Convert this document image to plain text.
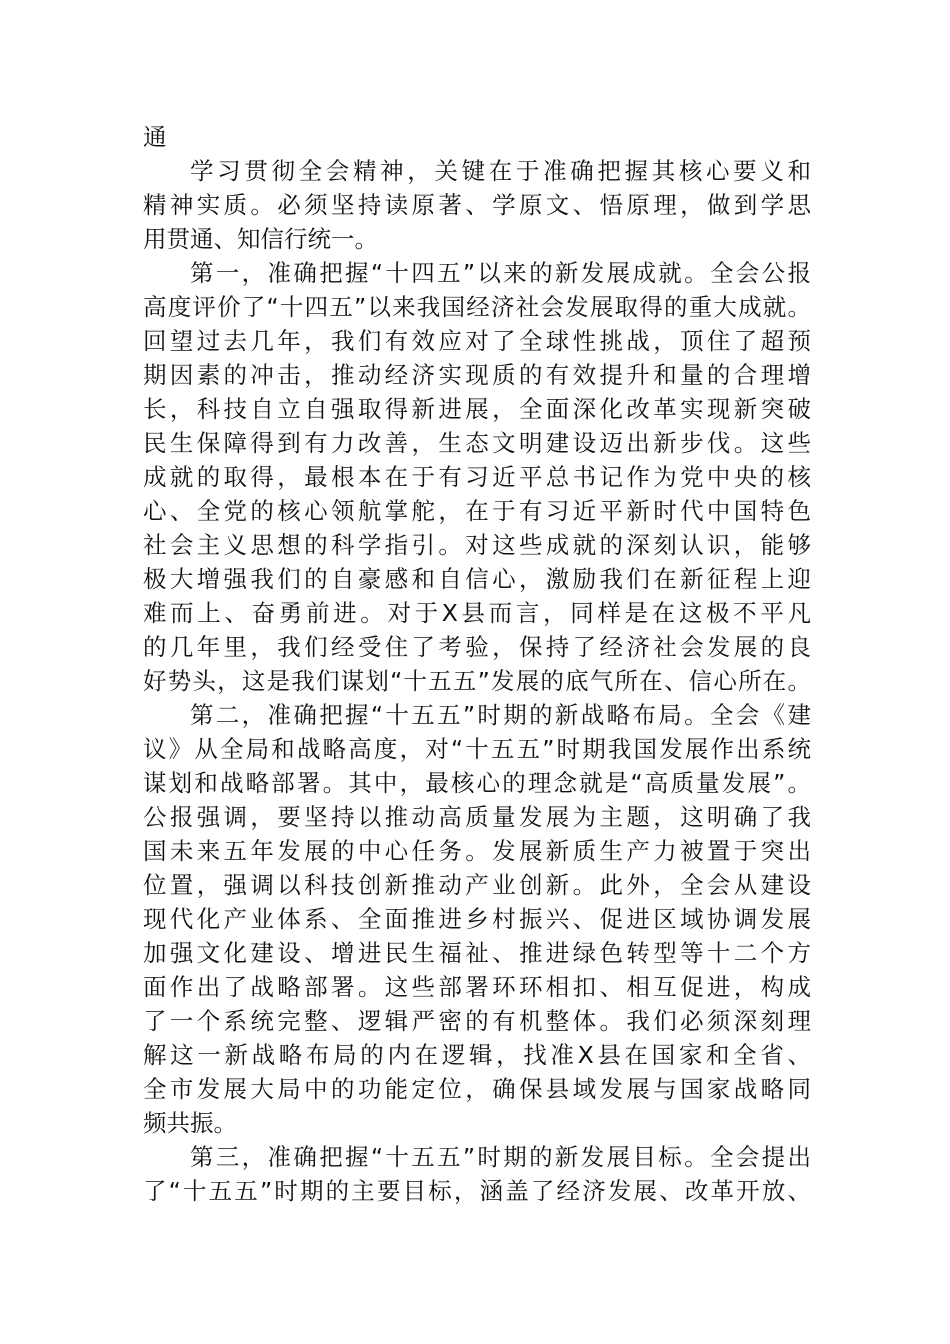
通
学习贯彻全会精神，关键在于准确把握其核心要义和
精神实质。必须坚持读原著、学原文、悟原理，做到学思
用贯通、知信行统一。
第一，准确把握“十四五”以来的新发展成就。全会公报
高度评价了“十四五”以来我国经济社会发展取得的重大成就。
回望过去几年，我们有效应对了全球性挑战，顶住了超预
期因素的冲击，推动经济实现质的有效提升和量的合理增
长，科技自立自强取得新进展，全面深化改革实现新突破
民生保障得到有力改善，生态文明建设迈出新步伐。这些
成就的取得，最根本在于有习近平总书记作为党中央的核
心、全党的核心领航掌舵，在于有习近平新时代中国特色
社会主义思想的科学指引。对这些成就的深刻认识，能够
极大增强我们的自豪感和自信心，激励我们在新征程上迎
难而上、奋勇前进。对于X县而言，同样是在这极不平凡
的几年里，我们经受住了考验，保持了经济社会发展的良
好势头，这是我们谋划“十五五”发展的底气所在、信心所在。
第二，准确把握“十五五”时期的新战略布局。全会《建
议》从全局和战略高度，对“十五五”时期我国发展作出系统
谋划和战略部署。其中，最核心的理念就是“高质量发展”。
公报强调，要坚持以推动高质量发展为主题，这明确了我
国未来五年发展的中心任务。发展新质生产力被置于突出
位置，强调以科技创新推动产业创新。此外，全会从建设
现代化产业体系、全面推进乡村振兴、促进区域协调发展
加强文化建设、增进民生福祉、推进绿色转型等十二个方
面作出了战略部署。这些部署环环相扣、相互促进，构成
了一个系统完整、逻辑严密的有机整体。我们必须深刻理
解这一新战略布局的内在逻辑，找准X县在国家和全省、
全市发展大局中的功能定位，确保县域发展与国家战略同
频共振。
第三，准确把握“十五五”时期的新发展目标。全会提出
了“十五五”时期的主要目标，涵盖了经济发展、改革开放、
